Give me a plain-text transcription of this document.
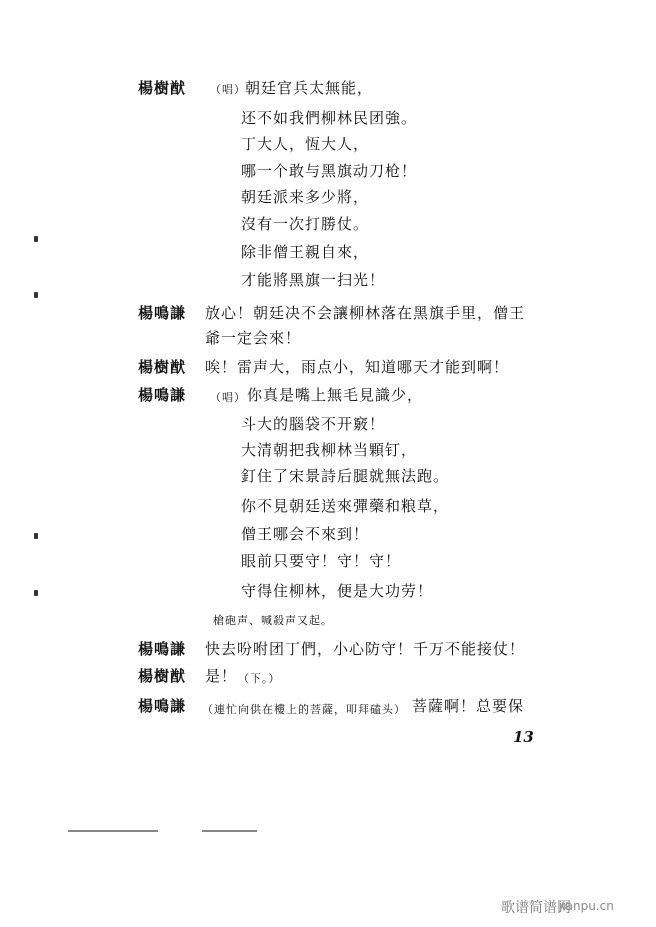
楊樹猷 （唱） 朝廷官兵太無能，
还不如我們柳林民团強。
丁大人，恆大人，
哪一个敢与黑旗动刀枪！
朝廷派来多少將，
沒有一次打勝仗。
除非僧王親自來，
才能將黑旗一扫光！
楊鳴謙 放心！朝廷决不会讓柳林落在黑旗手里，僧王
爺一定会來！
楊樹猷 唉！雷声大，雨点小，知道哪天才能到啊！
楊鳴謙 （唱） 你真是嘴上無毛見識少，
斗大的腦袋不开竅！
大清朝把我柳林当顆钉，
釘住了宋景詩后腿就無法跑。
你不見朝廷送來彈藥和粮草，
僧王哪会不來到！
眼前只要守！守！守！
守得住柳林，便是大功劳！
槍砲声、喊殺声又起。
楊鳴謙 快去吩咐团丁們，小心防守！千万不能接仗！
楊樹猷 是！ （下。）
楊鳴謙 （連忙向供在樓上的菩薩，叩拜磕头） 菩薩啊！总要保
13
歌谱简谱网
jianpu.cn
